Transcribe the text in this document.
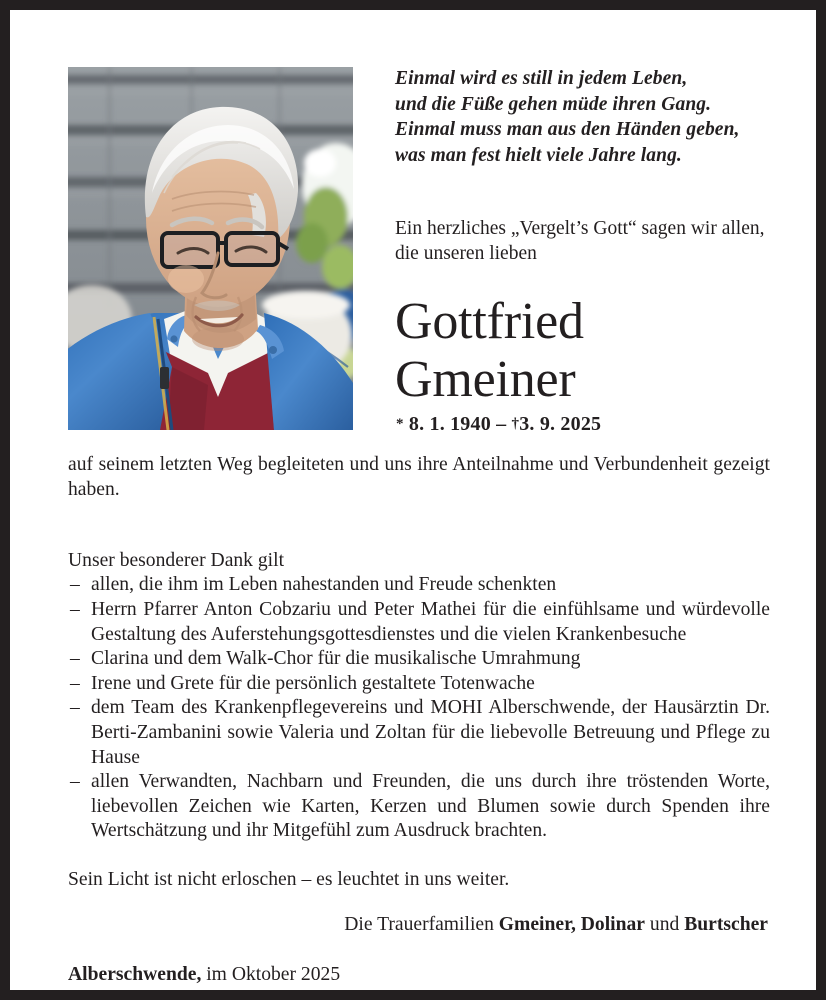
Einmal wird es still in jedem Leben,
und die Füße gehen müde ihren Gang.
Einmal muss man aus den Händen geben,
was man fest hielt viele Jahre lang.
Ein herzliches „Vergelt’s Gott“ sagen wir allen, die unseren lieben
Gottfried
Gmeiner
* 8. 1. 1940 – †3. 9. 2025
auf seinem letzten Weg begleiteten und uns ihre Anteilnahme und Verbundenheit gezeigt haben.
Unser besonderer Dank gilt
– allen, die ihm im Leben nahestanden und Freude schenkten
– Herrn Pfarrer Anton Cobzariu und Peter Mathei für die einfühlsame und würdevolle Gestaltung des Auferstehungsgottesdienstes und die vielen Krankenbesuche
– Clarina und dem Walk-Chor für die musikalische Umrahmung
– Irene und Grete für die persönlich gestaltete Totenwache
– dem Team des Krankenpflegevereins und MOHI Alberschwende, der Hausärztin Dr. Berti-Zambanini sowie Valeria und Zoltan für die liebevolle Betreuung und Pflege zu Hause
– allen Verwandten, Nachbarn und Freunden, die uns durch ihre tröstenden Worte, liebevollen Zeichen wie Karten, Kerzen und Blumen sowie durch Spenden ihre Wertschätzung und ihr Mitgefühl zum Ausdruck brachten.
Sein Licht ist nicht erloschen – es leuchtet in uns weiter.
Die Trauerfamilien Gmeiner, Dolinar und Burtscher
Alberschwende, im Oktober 2025
